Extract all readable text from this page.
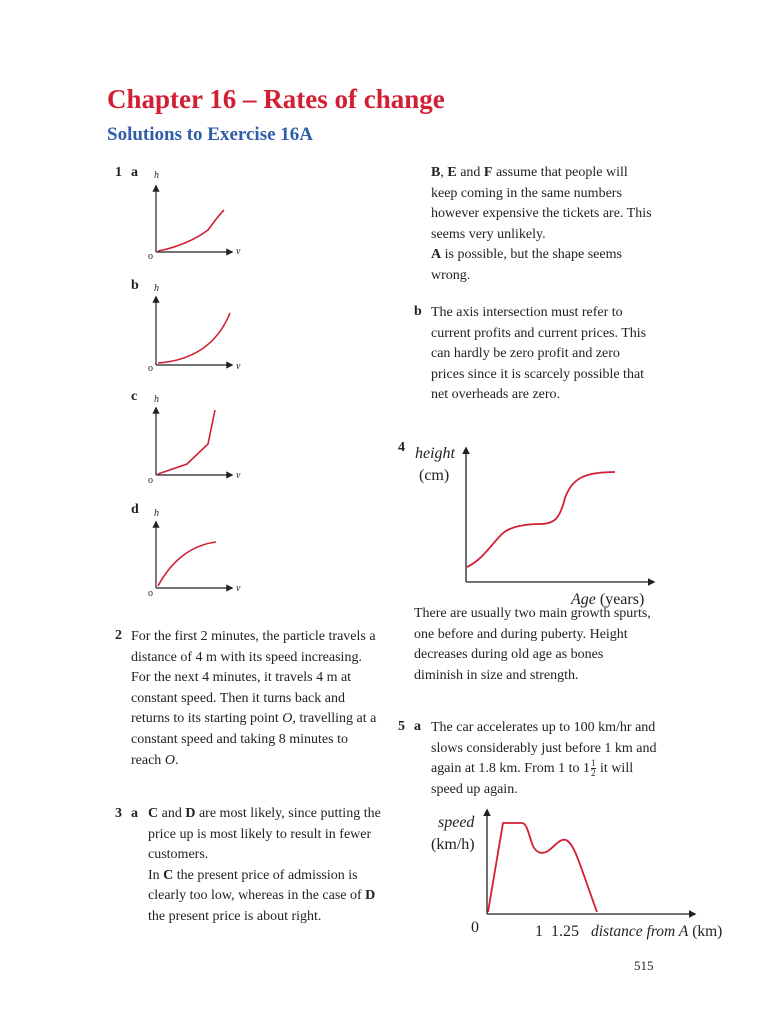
Chapter 16 – Rates of change
Solutions to Exercise 16A
1 a h
v
o
b h
v
o
c h
v
o
d h
v
o
2 For the first 2 minutes, the particle travels a distance of 4 m with its speed increasing. For the next 4 minutes, it travels 4 m at constant speed. Then it turns back and returns to its starting point O, travelling at a constant speed and taking 8 minutes to reach O.
3 a C and D are most likely, since putting the price up is most likely to result in fewer customers.
In C the present price of admission is clearly too low, whereas in the case of D the present price is about right.
B, E and F assume that people will keep coming in the same numbers however expensive the tickets are. This seems very unlikely.
A is possible, but the shape seems wrong.
b The axis intersection must refer to current profits and current prices. This can hardly be zero profit and zero prices since it is scarcely possible that net overheads are zero.
4 height
(cm)
Age (years)
There are usually two main growth spurts, one before and during puberty. Height decreases during old age as bones diminish in size and strength.
5 a The car accelerates up to 100 km/hr and slows considerably just before 1 km and again at 1.8 km. From 1 to $1 \frac{1}{2}$ it will speed up again.
speed
(km/h)
0	1 1.25 distance from A (km)
515
